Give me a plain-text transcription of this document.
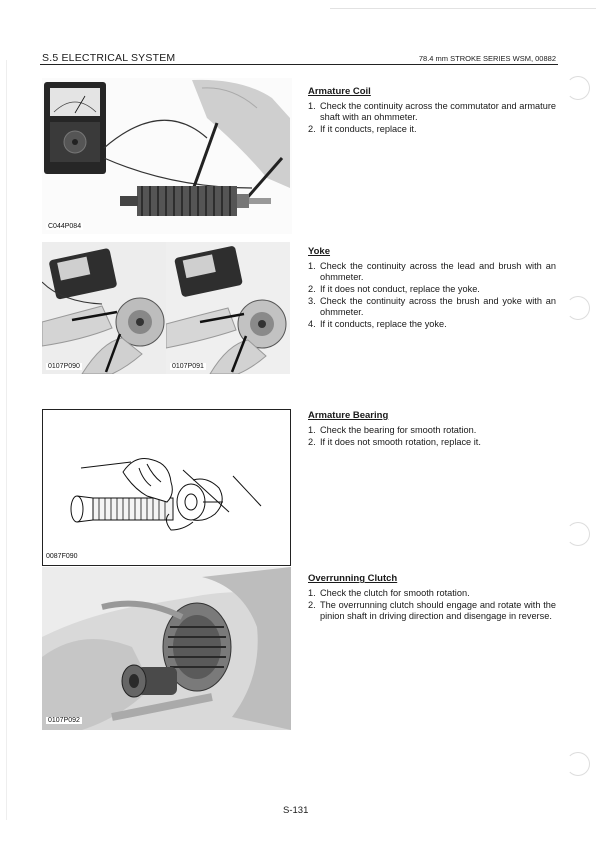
S.5 ELECTRICAL SYSTEM	78.4 mm STROKE SERIES WSM, 00882
C044P084
0107P090	0107P091
0087F090
0107P092
Armature Coil
1. Check the continuity across the commutator and armature shaft with an ohmmeter.
2. If it conducts, replace it.
Yoke
1. Check the continuity across the lead and brush with an ohmmeter.
2. If it does not conduct, replace the yoke.
3. Check the continuity across the brush and yoke with an ohmmeter.
4. If it conducts, replace the yoke.
Armature Bearing
1. Check the bearing for smooth rotation.
2. If it does not smooth rotation, replace it.
Overrunning Clutch
1. Check the clutch for smooth rotation.
2. The overrunning clutch should engage and rotate with the pinion shaft in driving direction and disengage in reverse.
S-131
